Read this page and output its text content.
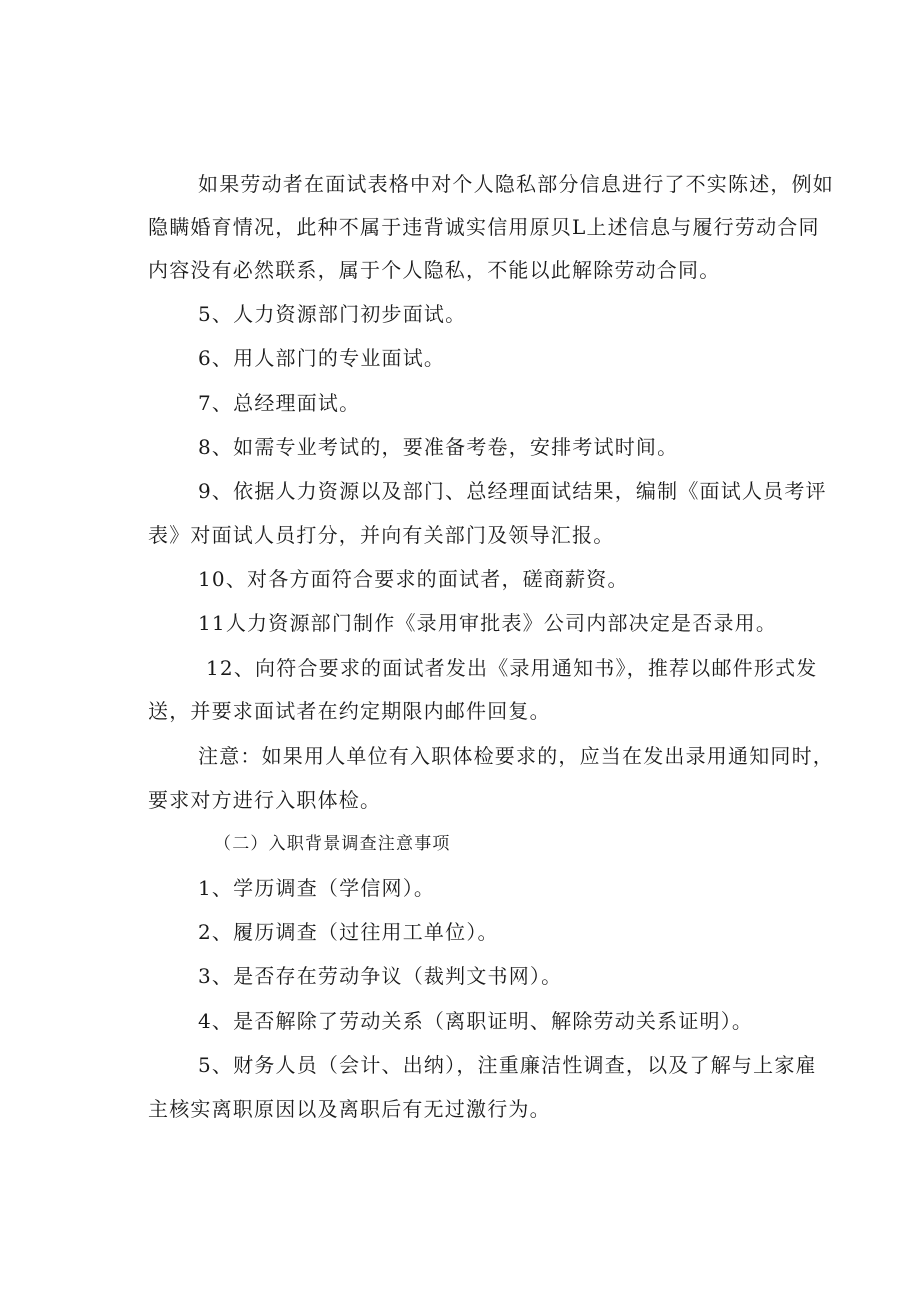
如果劳动者在面试表格中对个人隐私部分信息进行了不实陈述，例如
隐瞒婚育情况，此种不属于违背诚实信用原贝L上述信息与履行劳动合同
内容没有必然联系，属于个人隐私，不能以此解除劳动合同。
5、人力资源部门初步面试。
6、用人部门的专业面试。
7、总经理面试。
8、如需专业考试的，要准备考卷，安排考试时间。
9、依据人力资源以及部门、总经理面试结果，编制《面试人员考评
表》对面试人员打分，并向有关部门及领导汇报。
10、对各方面符合要求的面试者，磋商薪资。
11人力资源部门制作《录用审批表》公司内部决定是否录用。
12、向符合要求的面试者发出《录用通知书》，推荐以邮件形式发
送，并要求面试者在约定期限内邮件回复。
注意：如果用人单位有入职体检要求的，应当在发出录用通知同时，
要求对方进行入职体检。
（二）入职背景调查注意事项
1、学历调查（学信网）。
2、履历调查（过往用工单位）。
3、是否存在劳动争议（裁判文书网）。
4、是否解除了劳动关系（离职证明、解除劳动关系证明）。
5、财务人员（会计、出纳），注重廉洁性调查，以及了解与上家雇
主核实离职原因以及离职后有无过激行为。
